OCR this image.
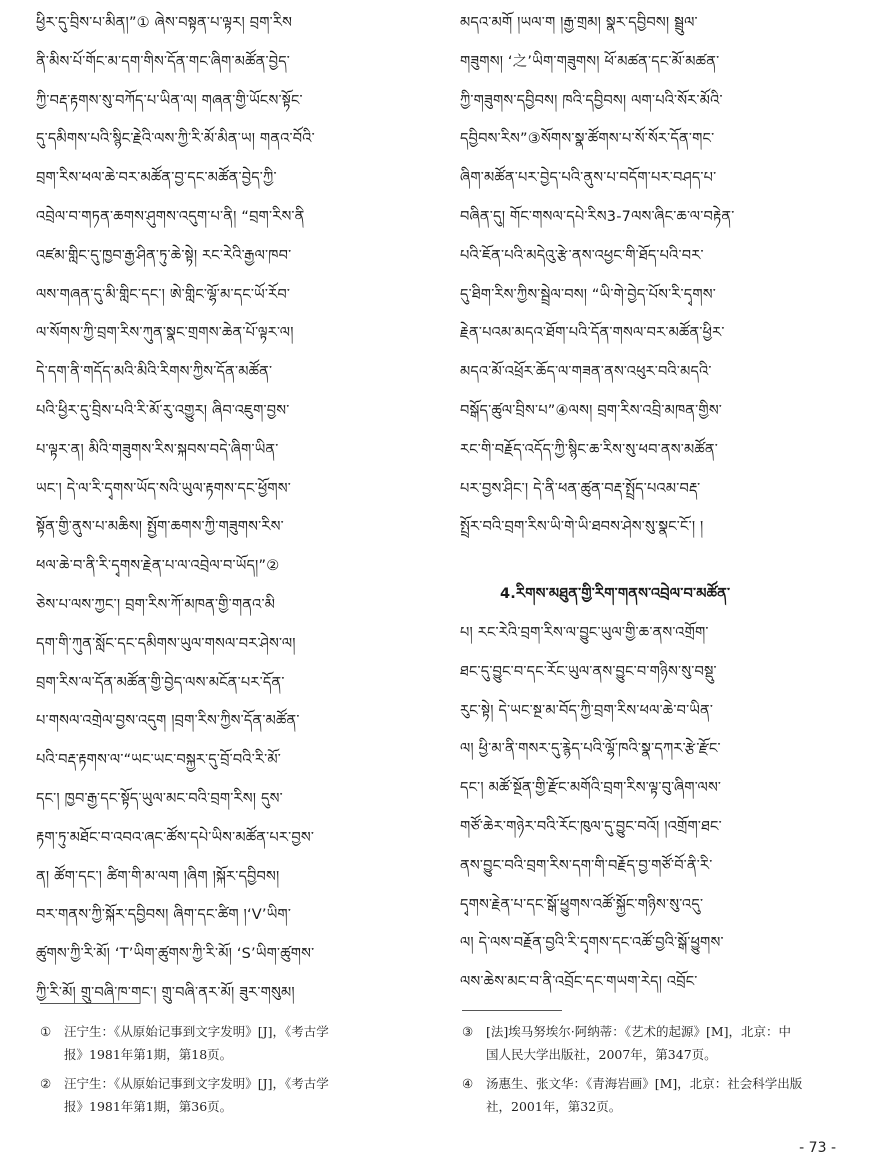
ཕྱིར་དུ་བྲིས་པ་མིན།”① ཞེས་བསྟན་པ་ལྟར། བྲག་རིས
ནི་མིས་པོ་གོང་མ་དག་གིས་དོན་གང་ཞིག་མཚོན་བྱེད་
ཀྱི་བརྡ་རྟགས་སུ་བཀོད་པ་ཡིན་ལ། གཞན་གྱི་ཡོངས་སྟོང་
དུ་དམིགས་པའི་སྙིང་རྗེའི་ལས་ཀྱི་རི་མོ་མིན་ཡ། གནའ་བོའི་
བྲག་རིས་ཕལ་ཆེ་བར་མཚོན་བྱ་དང་མཚོན་བྱེད་ཀྱི་
འབྲེལ་བ་གཏན་ཆགས་ཤུགས་འདུག་པ་ནི། “བྲག་རིས་ནི
འཛམ་གླིང་དུ་ཁྱབ་རྒྱ་ཤིན་ཏུ་ཆེ་སྟེ། རང་རེའི་རྒྱལ་ཁབ་
ལས་གཞན་དུ་མི་གླིང་དང་། ཨེ་གླིང་ལྷོ་མ་དང་ཡོ་རོབ་
ལ་སོགས་ཀྱི་བྲག་རིས་ཀུན་སྣང་གྲགས་ཆེན་པོ་ལྟར་ལ།
དེ་དག་ནི་གདོད་མའི་མིའི་རིགས་ཀྱིས་དོན་མཚོན་
པའི་ཕྱིར་དུ་བྲིས་པའི་རི་མོ་རུ་འགྱུར། ཞིབ་འཇུག་བྱས་
པ་ལྟར་ན། མིའི་གཟུགས་རིས་སྐབས་བདེ་ཞིག་ཡིན་
ཡང་། དེ་ལ་རི་དྭགས་ཡོད་སའི་ཡུལ་རྟགས་དང་ཕྱོགས་
སྟོན་གྱི་ནུས་པ་མཆིས། སྤྱོག་ཆགས་ཀྱི་གཟུགས་རིས་
ཕལ་ཆེ་བ་ནི་རི་དྭགས་རྗེན་པ་ལ་འབྲེལ་བ་ཡོད།”②
ཅེས་པ་ལས་ཀྱང་། བྲག་རིས་ཀོ་མཁན་གྱི་གནའ་མི
དག་གི་ཀུན་སློང་དང་དམིགས་ཡུལ་གསལ་བར་ཤེས་ལ།
བྲག་རིས་ལ་དོན་མཚོན་གྱི་བྱེད་ལས་མངོན་པར་དོན་
པ་གསལ་འགྲེལ་བྱས་འདུག །བྲག་རིས་ཀྱིས་དོན་མཚོན་
པའི་བརྡ་རྟགས་ལ་“ཡང་ཡང་བསྐྱར་དུ་བྲོ་བའི་རི་མོ་
དང་། ཁྱབ་རྒྱ་དང་སྟོད་ཡུལ་མང་བའི་བྲག་རིས། དུས་
རྟག་ཏུ་མཐོང་བ་འབའ་ཞང་ཚོས་དཔེ་ཡིས་མཚོན་པར་བྱས་
ན། ཚོག་དང་། ཚིག་གི་མ་ལག །ཞིག །སྐོར་དབྱིབས།
བར་གནས་ཀྱི་སྐོར་དབྱིབས། ཞིག་དང་ཚིག །‘V’ཡིག་
ཚུགས་ཀྱི་རི་མོ། ‘T’ཡིག་ཚུགས་ཀྱི་རི་མོ། ‘S’ཡིག་ཚུགས་
ཀྱི་རི་མོ། གྲུ་བཞི་ཁ་གང་། གྲུ་བཞི་ནར་མོ། ཟུར་གསུམ།
མདའ་མགོ །ཡལ་ག །རྒྱ་གྲམ། སྣར་དབྱིབས། སྦྲུལ་
གཟུགས། ‘之’ཡིག་གཟུགས། ཕོ་མཚན་དང་མོ་མཚན་
ཀྱི་གཟུགས་དབྱིབས། ཁའི་དབྱིབས། ལག་པའི་སོར་མོའི་
དབྱིབས་རིས”③སོགས་སྣ་ཚོགས་པ་སོ་སོར་དོན་གང་
ཞིག་མཚོན་པར་བྱེད་པའི་ནུས་པ་བདོག་པར་བཤད་པ་
བཞིན་དུ། གོང་གསལ་དཔེ་རིས3-7ལས་ཞིང་ཆ་ལ་བརྟེན་
པའི་ཇོན་པའི་མདེའུ་རྩེ་ནས་འཕྱང་གི་ཐོད་པའི་བར་
དུ་ཐིག་རིས་ཀྱིས་སྦྲེལ་བས། “ཡི་གེ་བྱེད་པོས་རི་དྭགས་
རྗེན་པའམ་མདའ་ཐོག་པའི་དོན་གསལ་བར་མཚོན་ཕྱིར་
མདའ་མོ་འཕྲོར་ཆོད་ལ་གཟན་ནས་འཕུར་བའི་མདའི་
བསྒོད་ཚུལ་བྲིས་པ”④ལས། བྲག་རིས་འབྲི་མཁན་གྱིས་
རང་གི་བརྗོད་འདོད་ཀྱི་སྙིང་ཆ་རིས་སུ་ཕབ་ནས་མཚོན་
པར་བྱས་ཤིང་། དེ་ནི་ཕན་ཚུན་བརྡ་སྤྲོད་པའམ་བརྡ་
སྤྲོར་བའི་བྲག་རིས་ཡི་གེ་ཡི་ཐབས་ཤེས་སུ་སྣང་ངོ་། །
4.རིགས་མཐུན་གྱི་རིག་གནས་འབྲེལ་བ་མཚོན་
པ། རང་རེའི་བྲག་རིས་ལ་བྱུང་ཡུལ་གྱི་ཆ་ནས་འགྲོག་
ཐང་དུ་བྱུང་བ་དང་རོང་ཡུལ་ནས་བྱུང་བ་གཉིས་སུ་བསྡུ་
རུང་སྟེ། དེ་ཡང་སྔ་མ་བོད་ཀྱི་བྲག་རིས་ཕལ་ཆེ་བ་ཡིན་
ལ། ཕྱི་མ་ནི་གསར་དུ་རྙེད་པའི་ལྷོ་ཁའི་སྣ་དཀར་རྩེ་རྫོང་
དང་། མཚོ་སྔོན་གྱི་རྫོང་མགོའི་བྲག་རིས་ལྟ་བུ་ཞིག་ལས་
གཙོ་ཆེར་གཉེར་བའི་རོང་ཁུལ་དུ་བྱུང་བའོ། །འགྲོག་ཐང་
ནས་བྱུང་བའི་བྲག་རིས་དག་གི་བརྗོད་བྱ་གཙོ་བོ་ནི་རི་
དྭགས་རྗེན་པ་དང་སྒོ་ཕྱུགས་འཚོ་སྐྱོང་གཉིས་སུ་འདུ་
ལ། དེ་ལས་བརྗོན་བྱའི་རི་དྭགས་དང་འཚོ་བྱའི་སྒོ་ཕྱུགས་
ལས་ཆེས་མང་བ་ནི་འབྲོང་དང་གཡག་རེད། འབྲོང་
① 汪宁生：《从原始记事到文字发明》[J]，《考古学
报》1981年第1期，第18页。
② 汪宁生：《从原始记事到文字发明》[J]，《考古学
报》1981年第1期，第36页。
③ [法]埃马努埃尔·阿纳蒂：《艺术的起源》[M]，北京：中
国人民大学出版社，2007年，第347页。
④ 汤惠生、张文华：《青海岩画》[M]，北京：社会科学出版
社，2001年，第32页。
- 73 -
